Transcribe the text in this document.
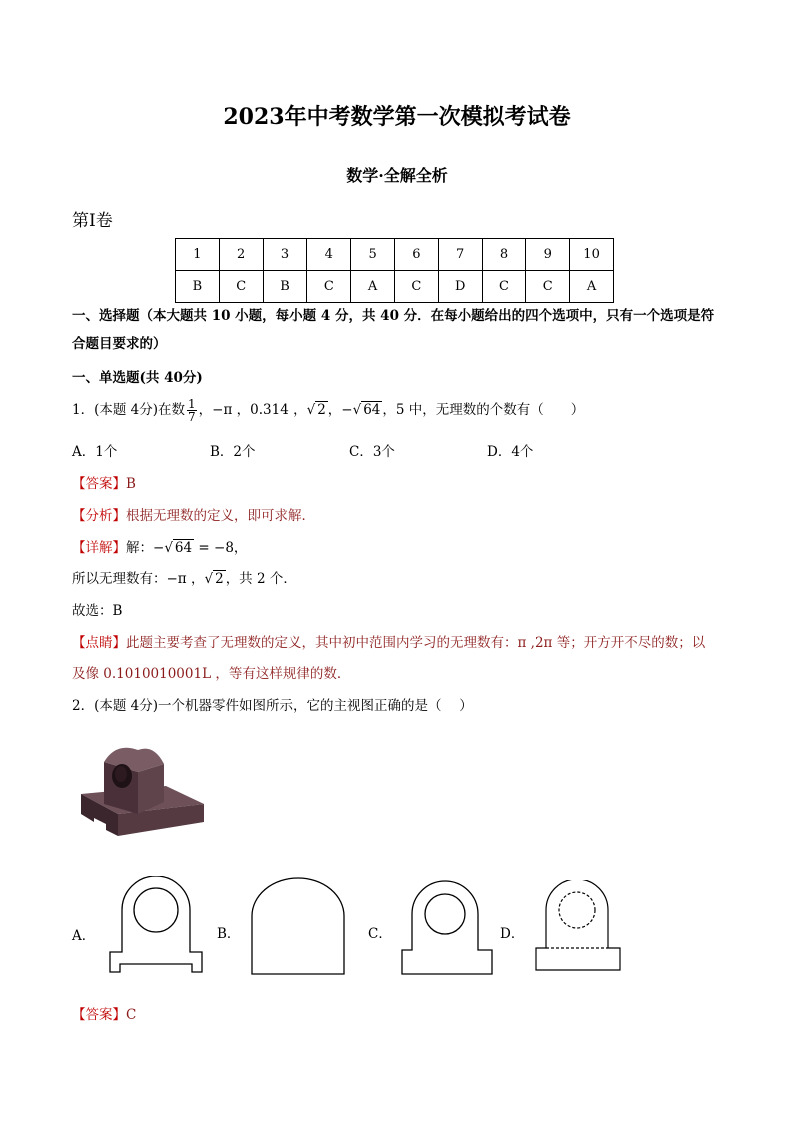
2023年中考数学第一次模拟考试卷
数学·全解全析
第Ⅰ卷
1	2	3	4	5	6	7	8	9	10
B	C	B	C	A	C	D	C	C	A
一、选择题（本大题共 10 小题，每小题 4 分，共 40 分．在每小题给出的四个选项中，只有一个选项是符
合题目要求的）
一、单选题(共 40分)
1．(本题 4分)在数 $\frac{1}{7}$ ，−π ，0.314 ，√ 2 ，−√ 64 ，5 中，无理数的个数有（　　）
A．1个	B．2个	C．3个	D．4个
【答案】B
【分析】根据无理数的定义，即可求解．
【详解】解：−√ 64 = −8，
所以无理数有：−π ，√ 2 ，共 2 个．
故选：B
【点睛】此题主要考查了无理数的定义，其中初中范围内学习的无理数有：π ,2π 等；开方开不尽的数；以
及像 0.1010010001L ，等有这样规律的数．
2．(本题 4分)一个机器零件如图所示，它的主视图正确的是（　 ）
A．	B．	C．	D．
【答案】C
